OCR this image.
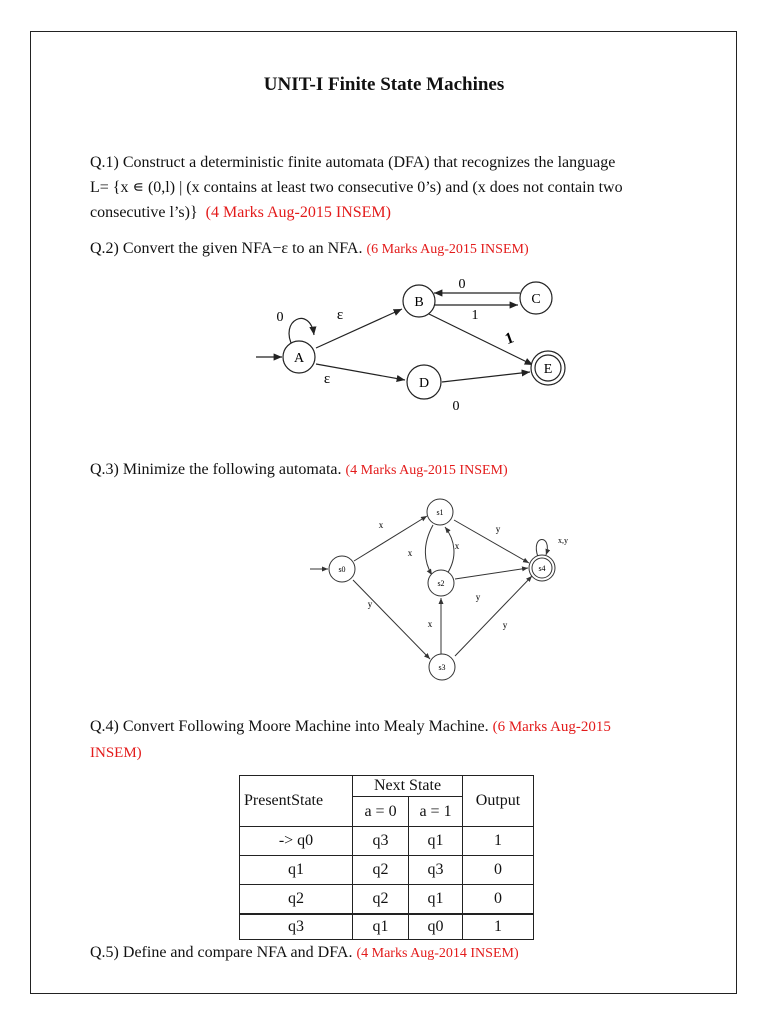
UNIT-I Finite State Machines
Q.1) Construct a deterministic finite automata (DFA) that recognizes the language
L= {x ∊ (0,l) | (x contains at least two consecutive 0’s) and (x does not contain two
consecutive l’s)} (4 Marks Aug-2015 INSEM)
Q.2) Convert the given NFA−ε to an NFA. (6 Marks Aug-2015 INSEM)
A
B	C
D
E
0	ε
ε
0
1
1
0
Q.3) Minimize the following automata. (4 Marks Aug-2015 INSEM)
s0
s1
s2
s3
s4
x
y
x
x
y
y
x	y
x,y
Q.4) Convert Following Moore Machine into Mealy Machine. (6 Marks Aug-2015
INSEM)
PresentState	Next State		Output
	a = 0	a = 1	
-> q0	q3	q1	1
q1	q2	q3	0
q2	q2	q1	0
q3	q1	q0	1
Q.5) Define and compare NFA and DFA. (4 Marks Aug-2014 INSEM)
